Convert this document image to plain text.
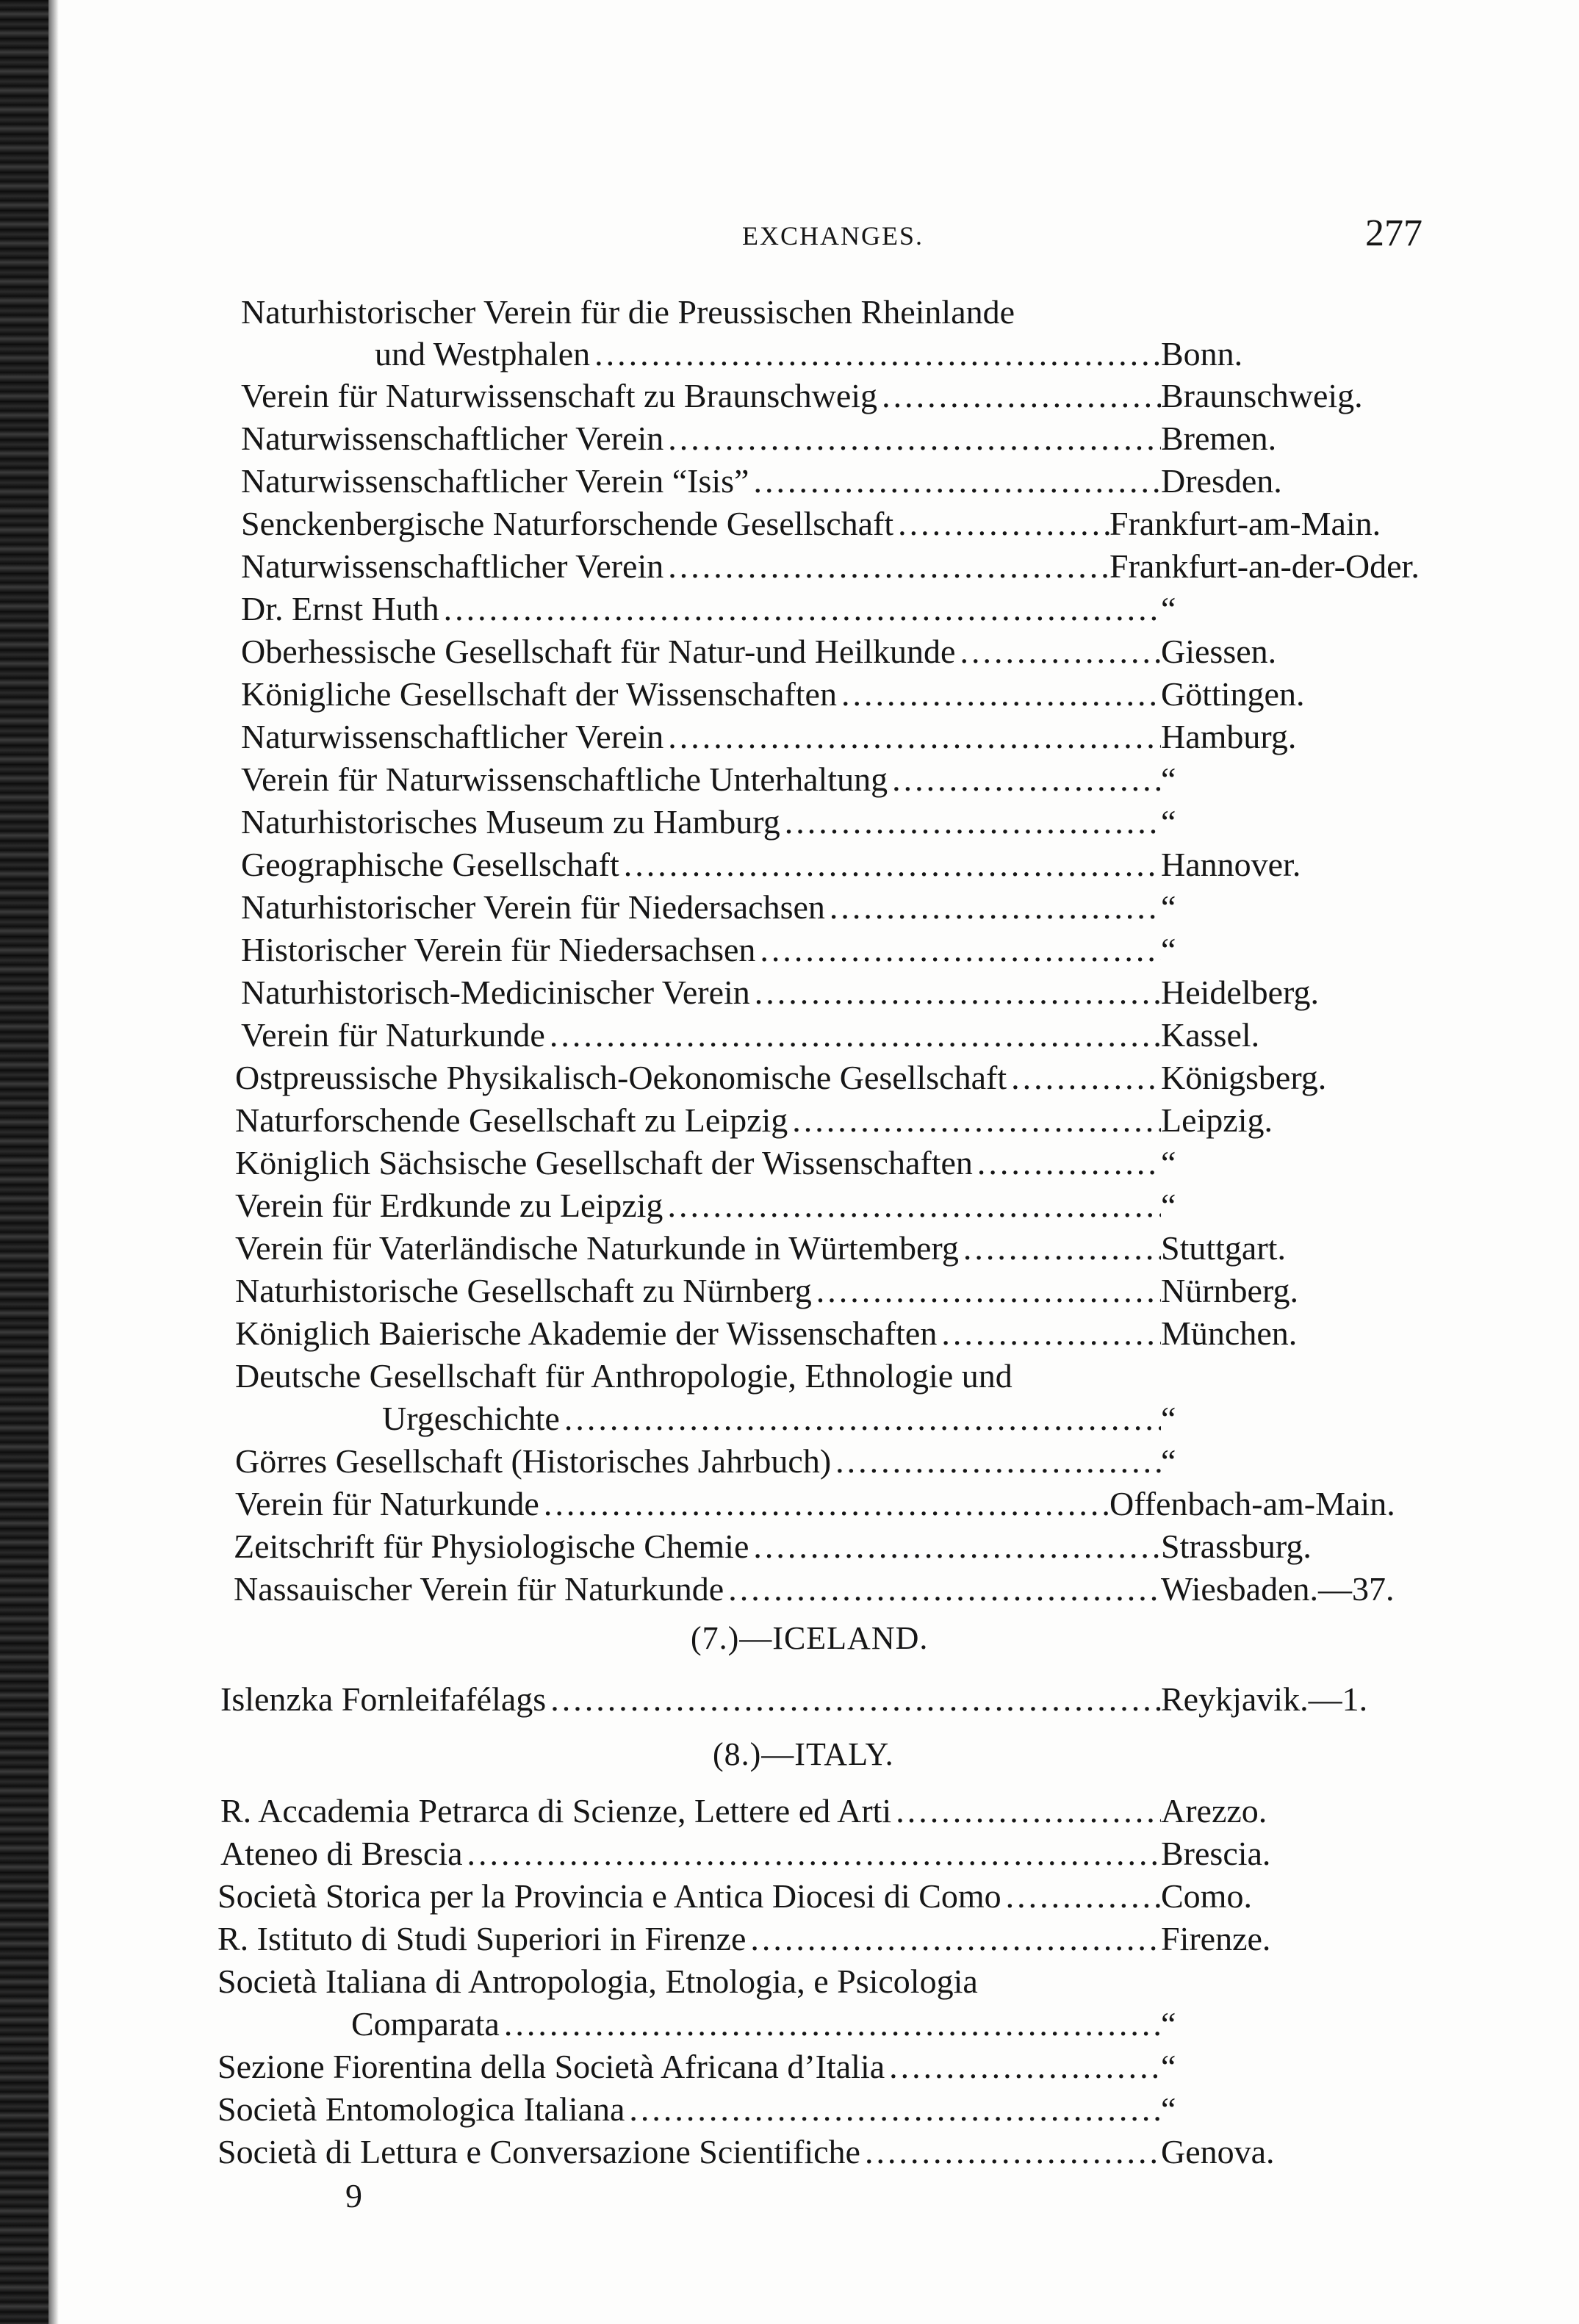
EXCHANGES.	277
Naturhistorischer Verein für die Preussischen Rheinlande
und Westphalen .....	Bonn.
Verein für Naturwissenschaft zu Braunschweig .....	Braunschweig.
Naturwissenschaftlicher Verein .....	Bremen.
Naturwissenschaftlicher Verein “Isis” .....	Dresden.
Senckenbergische Naturforschende Gesellschaft .....	Frankfurt-am-Main.
Naturwissenschaftlicher Verein .....	Frankfurt-an-der-Oder.
Dr. Ernst Huth .....	“
Oberhessische Gesellschaft für Natur-und Heilkunde .....	Giessen.
Königliche Gesellschaft der Wissenschaften .....	Göttingen.
Naturwissenschaftlicher Verein .....	Hamburg.
Verein für Naturwissenschaftliche Unterhaltung .....	“
Naturhistorisches Museum zu Hamburg .....	“
Geographische Gesellschaft .....	Hannover.
Naturhistorischer Verein für Niedersachsen .....	“
Historischer Verein für Niedersachsen .....	“
Naturhistorisch-Medicinischer Verein .....	Heidelberg.
Verein für Naturkunde .....	Kassel.
Ostpreussische Physikalisch-Oekonomische Gesellschaft .....	Königsberg.
Naturforschende Gesellschaft zu Leipzig .....	Leipzig.
Königlich Sächsische Gesellschaft der Wissenschaften .....	“
Verein für Erdkunde zu Leipzig .....	“
Verein für Vaterländische Naturkunde in Würtemberg .....	Stuttgart.
Naturhistorische Gesellschaft zu Nürnberg .....	Nürnberg.
Königlich Baierische Akademie der Wissenschaften .....	München.
Deutsche Gesellschaft für Anthropologie, Ethnologie und
Urgeschichte .....	“
Görres Gesellschaft (Historisches Jahrbuch) .....	“
Verein für Naturkunde .....	Offenbach-am-Main.
Zeitschrift für Physiologische Chemie .....	Strassburg.
Nassauischer Verein für Naturkunde .....	Wiesbaden.—37.
(7.)—ICELAND.
Islenzka Fornleifafélags .....	Reykjavik.—1.
(8.)—ITALY.
R. Accademia Petrarca di Scienze, Lettere ed Arti .....	Arezzo.
Ateneo di Brescia .....	Brescia.
Società Storica per la Provincia e Antica Diocesi di Como .....	Como.
R. Istituto di Studi Superiori in Firenze .....	Firenze.
Società Italiana di Antropologia, Etnologia, e Psicologia
Comparata .....	“
Sezione Fiorentina della Società Africana d’Italia .....	“
Società Entomologica Italiana .....	“
Società di Lettura e Conversazione Scientifiche .....	Genova.
9
